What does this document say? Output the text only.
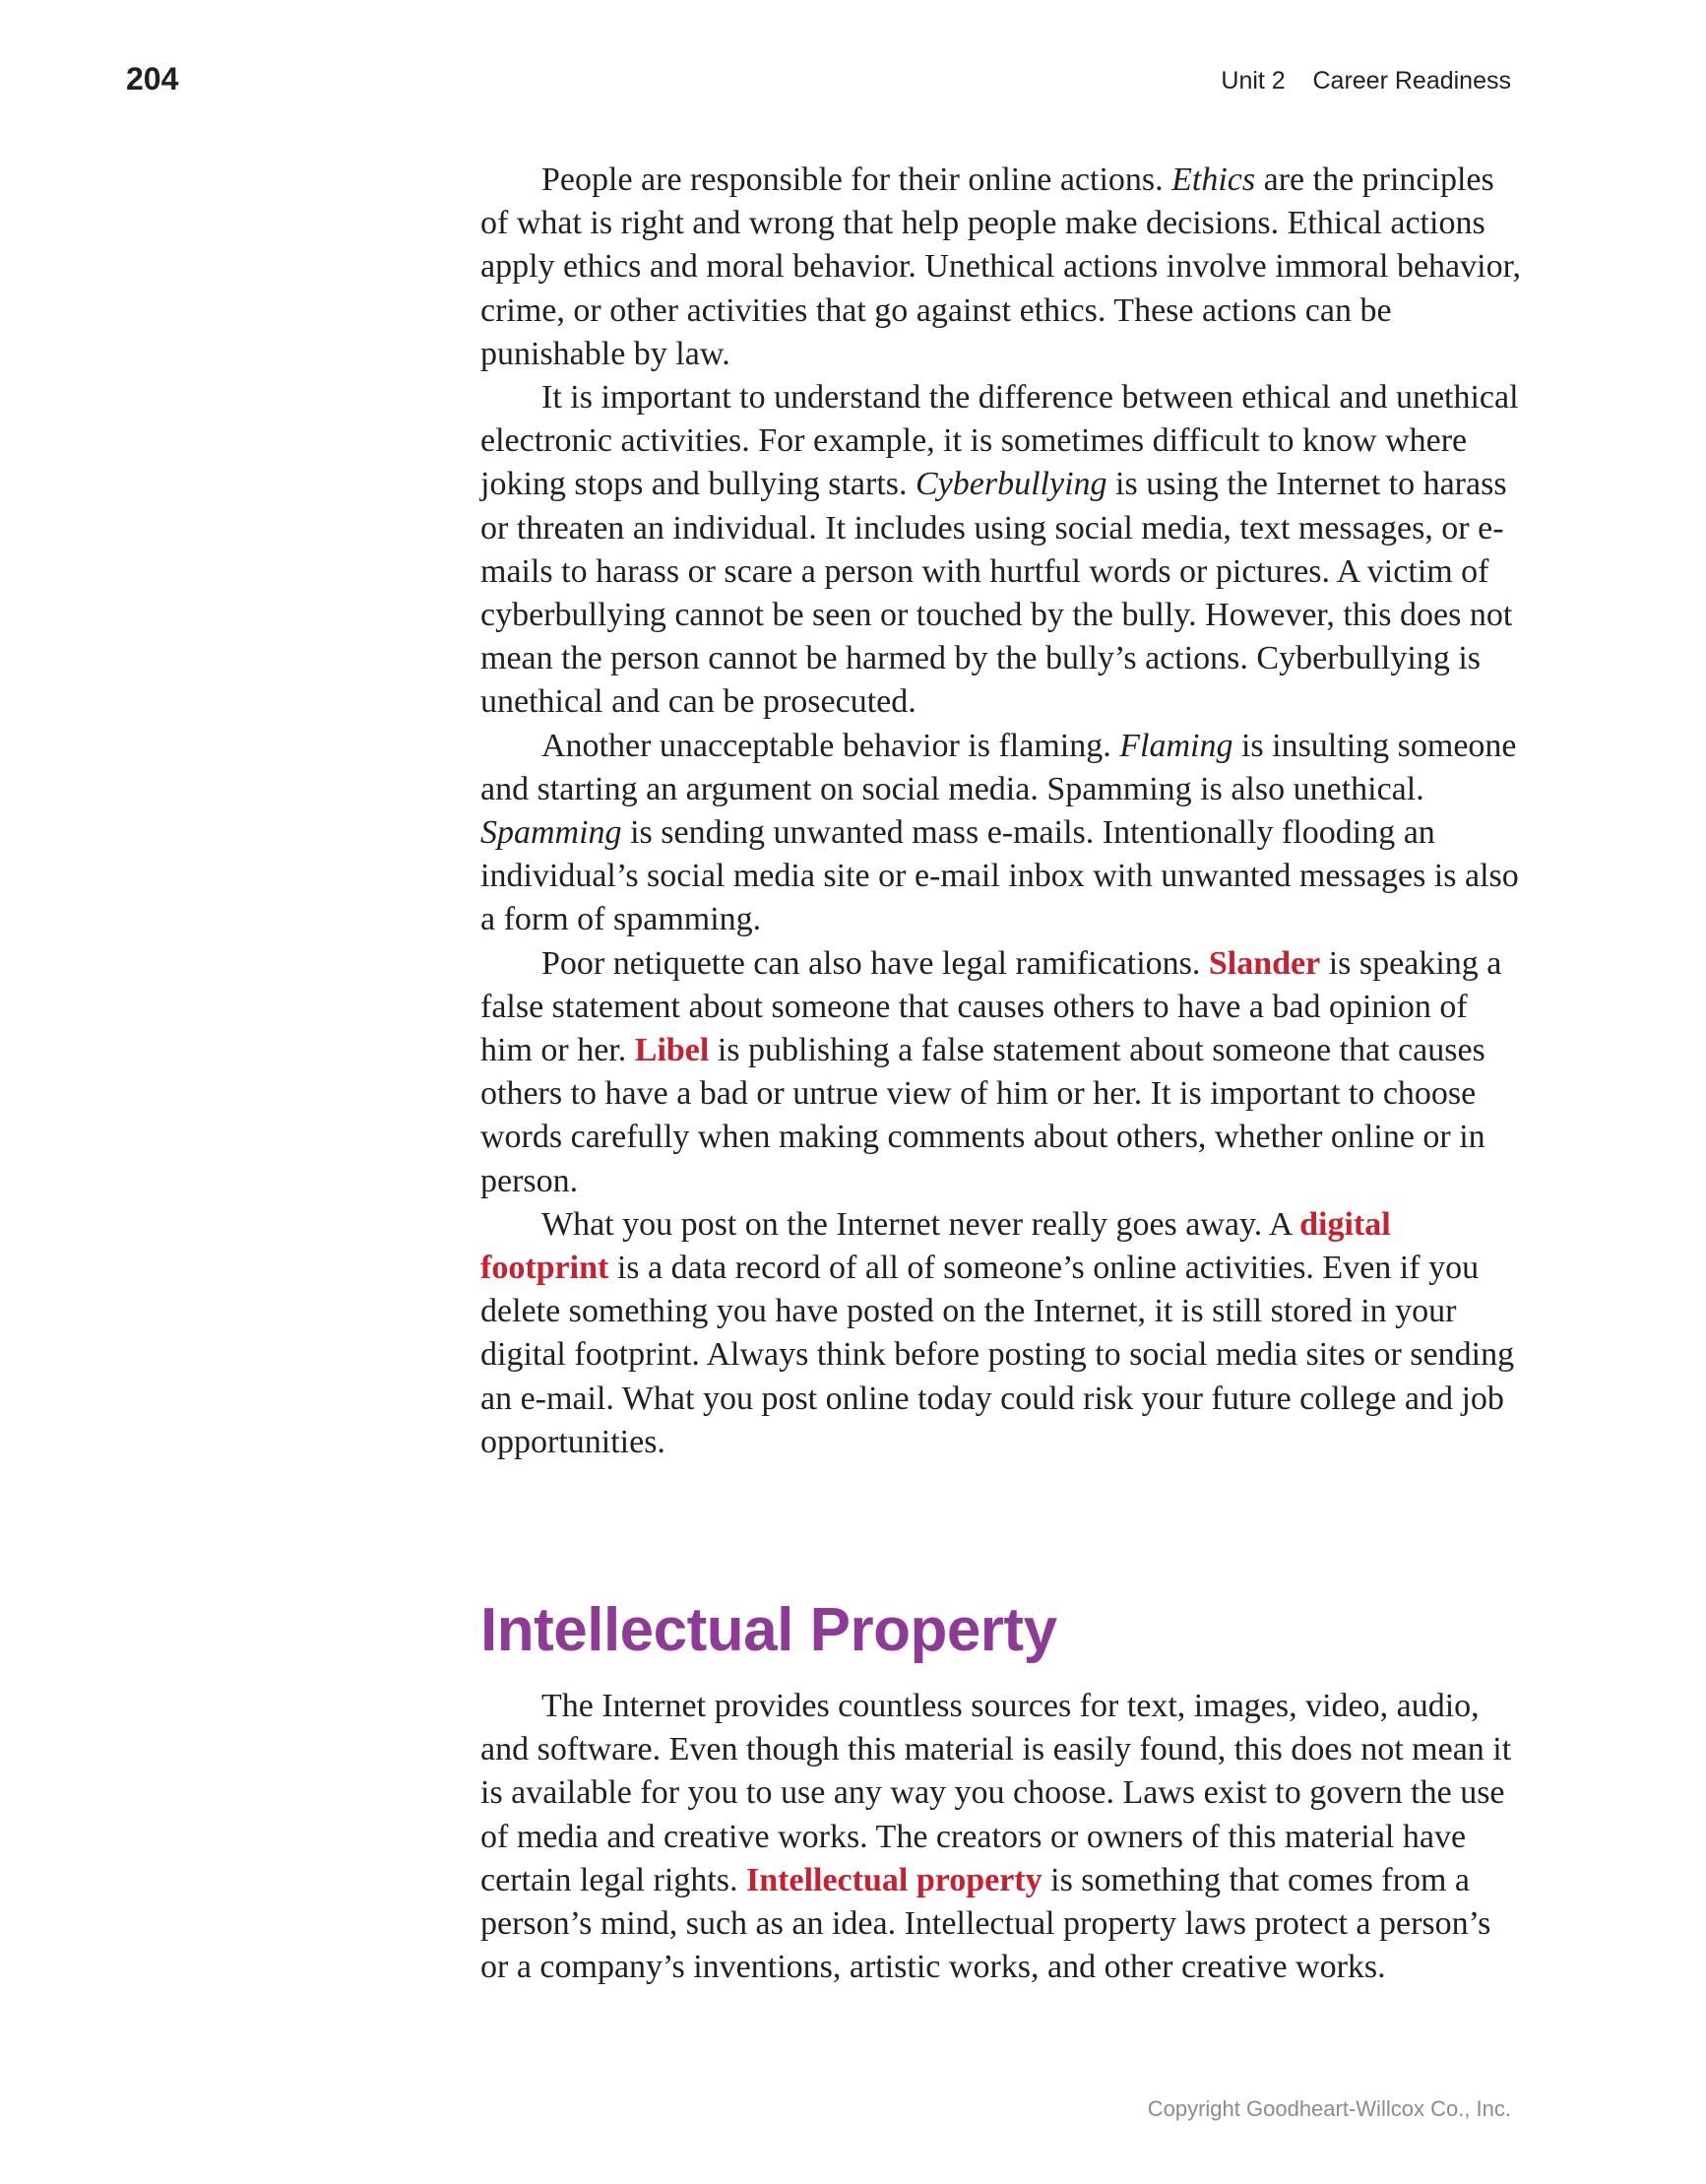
204	Unit 2    Career Readiness

People are responsible for their online actions. Ethics are the principles of what is right and wrong that help people make decisions. Ethical actions apply ethics and moral behavior. Unethical actions involve immoral behavior, crime, or other activities that go against ethics. These actions can be punishable by law.

It is important to understand the difference between ethical and unethical electronic activities. For example, it is sometimes difficult to know where joking stops and bullying starts. Cyberbullying is using the Internet to harass or threaten an individual. It includes using social media, text messages, or e-mails to harass or scare a person with hurtful words or pictures. A victim of cyberbullying cannot be seen or touched by the bully. However, this does not mean the person cannot be harmed by the bully’s actions. Cyberbullying is unethical and can be prosecuted.

Another unacceptable behavior is flaming. Flaming is insulting someone and starting an argument on social media. Spamming is also unethical. Spamming is sending unwanted mass e-mails. Intentionally flooding an individual’s social media site or e-mail inbox with unwanted messages is also a form of spamming.

Poor netiquette can also have legal ramifications. Slander is speaking a false statement about someone that causes others to have a bad opinion of him or her. Libel is publishing a false statement about someone that causes others to have a bad or untrue view of him or her. It is important to choose words carefully when making comments about others, whether online or in person.

What you post on the Internet never really goes away. A digital footprint is a data record of all of someone’s online activities. Even if you delete something you have posted on the Internet, it is still stored in your digital footprint. Always think before posting to social media sites or sending an e-mail. What you post online today could risk your future college and job opportunities.

Intellectual Property

The Internet provides countless sources for text, images, video, audio, and software. Even though this material is easily found, this does not mean it is available for you to use any way you choose. Laws exist to govern the use of media and creative works. The creators or owners of this material have certain legal rights. Intellectual property is something that comes from a person’s mind, such as an idea. Intellectual property laws protect a person’s or a company’s inventions, artistic works, and other creative works.

Copyright Goodheart-Willcox Co., Inc.
